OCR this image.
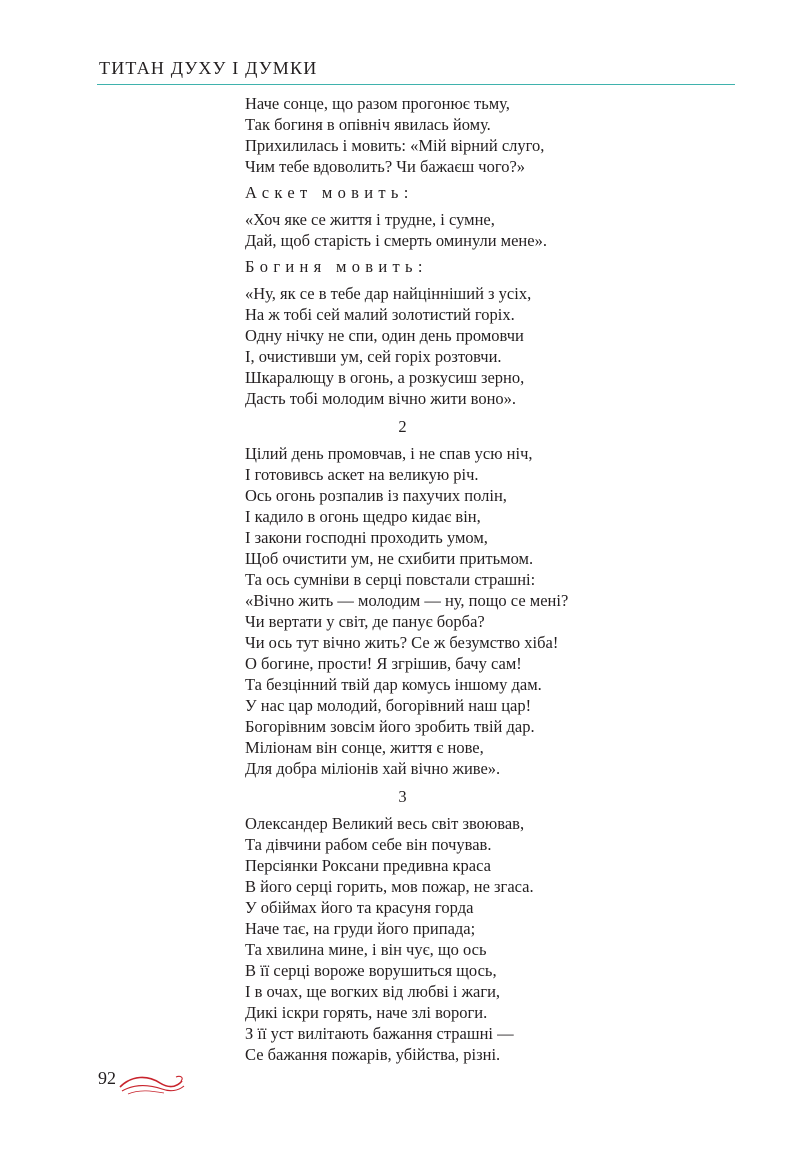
ТИТАН ДУХУ І ДУМКИ
Наче сонце, що разом прогонює тьму,
Так богиня в опівніч явилась йому.
Прихилилась і мовить: «Мій вірний слуго,
Чим тебе вдоволить? Чи бажаєш чого?»
Аскет мовить:
«Хоч яке се життя і трудне, і сумне,
Дай, щоб старість і смерть оминули мене».
Богиня мовить:
«Ну, як се в тебе дар найцінніший з усіх,
На ж тобі сей малий золотистий горіх.
Одну нічку не спи, один день промовчи
І, очистивши ум, сей горіх розтовчи.
Шкаралющу в огонь, а розкусиш зерно,
Дасть тобі молодим вічно жити воно».
2
Цілий день промовчав, і не спав усю ніч,
І готовивсь аскет на великую річ.
Ось огонь розпалив із пахучих полін,
І кадило в огонь щедро кидає він,
І закони господні проходить умом,
Щоб очистити ум, не схибити притьмом.
Та ось сумніви в серці повстали страшні:
«Вічно жить — молодим — ну, пощо се мені?
Чи вертати у світ, де панує борба?
Чи ось тут вічно жить? Се ж безумство хіба!
О богине, прости! Я згрішив, бачу сам!
Та безцінний твій дар комусь іншому дам.
У нас цар молодий, богорівний наш цар!
Богорівним зовсім його зробить твій дар.
Міліонам він сонце, життя є нове,
Для добра міліонів хай вічно живе».
3
Олександер Великий весь світ звоював,
Та дівчини рабом себе він почував.
Персіянки Роксани предивна краса
В його серці горить, мов пожар, не згаса.
У обіймах його та красуня горда
Наче тає, на груди його припада;
Та хвилина мине, і він чує, що ось
В її серці вороже ворушиться щось,
І в очах, ще вогких від любві і жаги,
Дикі іскри горять, наче злі вороги.
З її уст вилітають бажання страшні —
Се бажання пожарів, убійства, різні.
92
